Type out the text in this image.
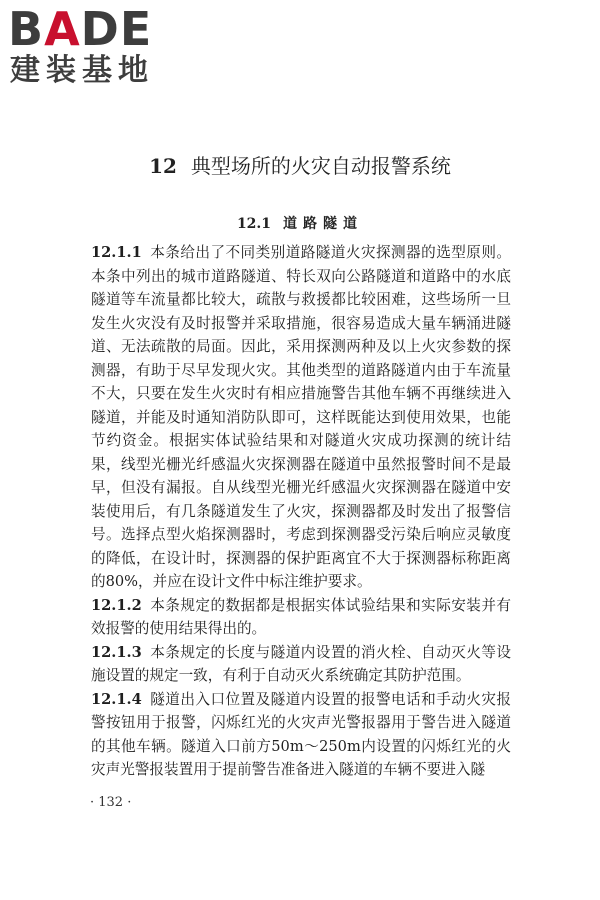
BADE
建装基地
12 典型场所的火灾自动报警系统
12.1 道路隧道

12.1.1 本条给出了不同类别道路隧道火灾探测器的选型原则。本条中列出的城市道路隧道、特长双向公路隧道和道路中的水底隧道等车流量都比较大，疏散与救援都比较困难，这些场所一旦发生火灾没有及时报警并采取措施，很容易造成大量车辆涌进隧道、无法疏散的局面。因此，采用探测两种及以上火灾参数的探测器，有助于尽早发现火灾。其他类型的道路隧道内由于车流量不大，只要在发生火灾时有相应措施警告其他车辆不再继续进入隧道，并能及时通知消防队即可，这样既能达到使用效果，也能节约资金。根据实体试验结果和对隧道火灾成功探测的统计结果，线型光栅光纤感温火灾探测器在隧道中虽然报警时间不是最早，但没有漏报。自从线型光栅光纤感温火灾探测器在隧道中安装使用后，有几条隧道发生了火灾，探测器都及时发出了报警信号。选择点型火焰探测器时，考虑到探测器受污染后响应灵敏度的降低，在设计时，探测器的保护距离宜不大于探测器标称距离的80%，并应在设计文件中标注维护要求。

12.1.2 本条规定的数据都是根据实体试验结果和实际安装并有效报警的使用结果得出的。

12.1.3 本条规定的长度与隧道内设置的消火栓、自动灭火等设施设置的规定一致，有利于自动灭火系统确定其防护范围。

12.1.4 隧道出入口位置及隧道内设置的报警电话和手动火灾报警按钮用于报警，闪烁红光的火灾声光警报器用于警告进入隧道的其他车辆。隧道入口前方50m～250m内设置的闪烁红光的火灾声光警报装置用于提前警告准备进入隧道的车辆不要进入隧

· 132 ·
